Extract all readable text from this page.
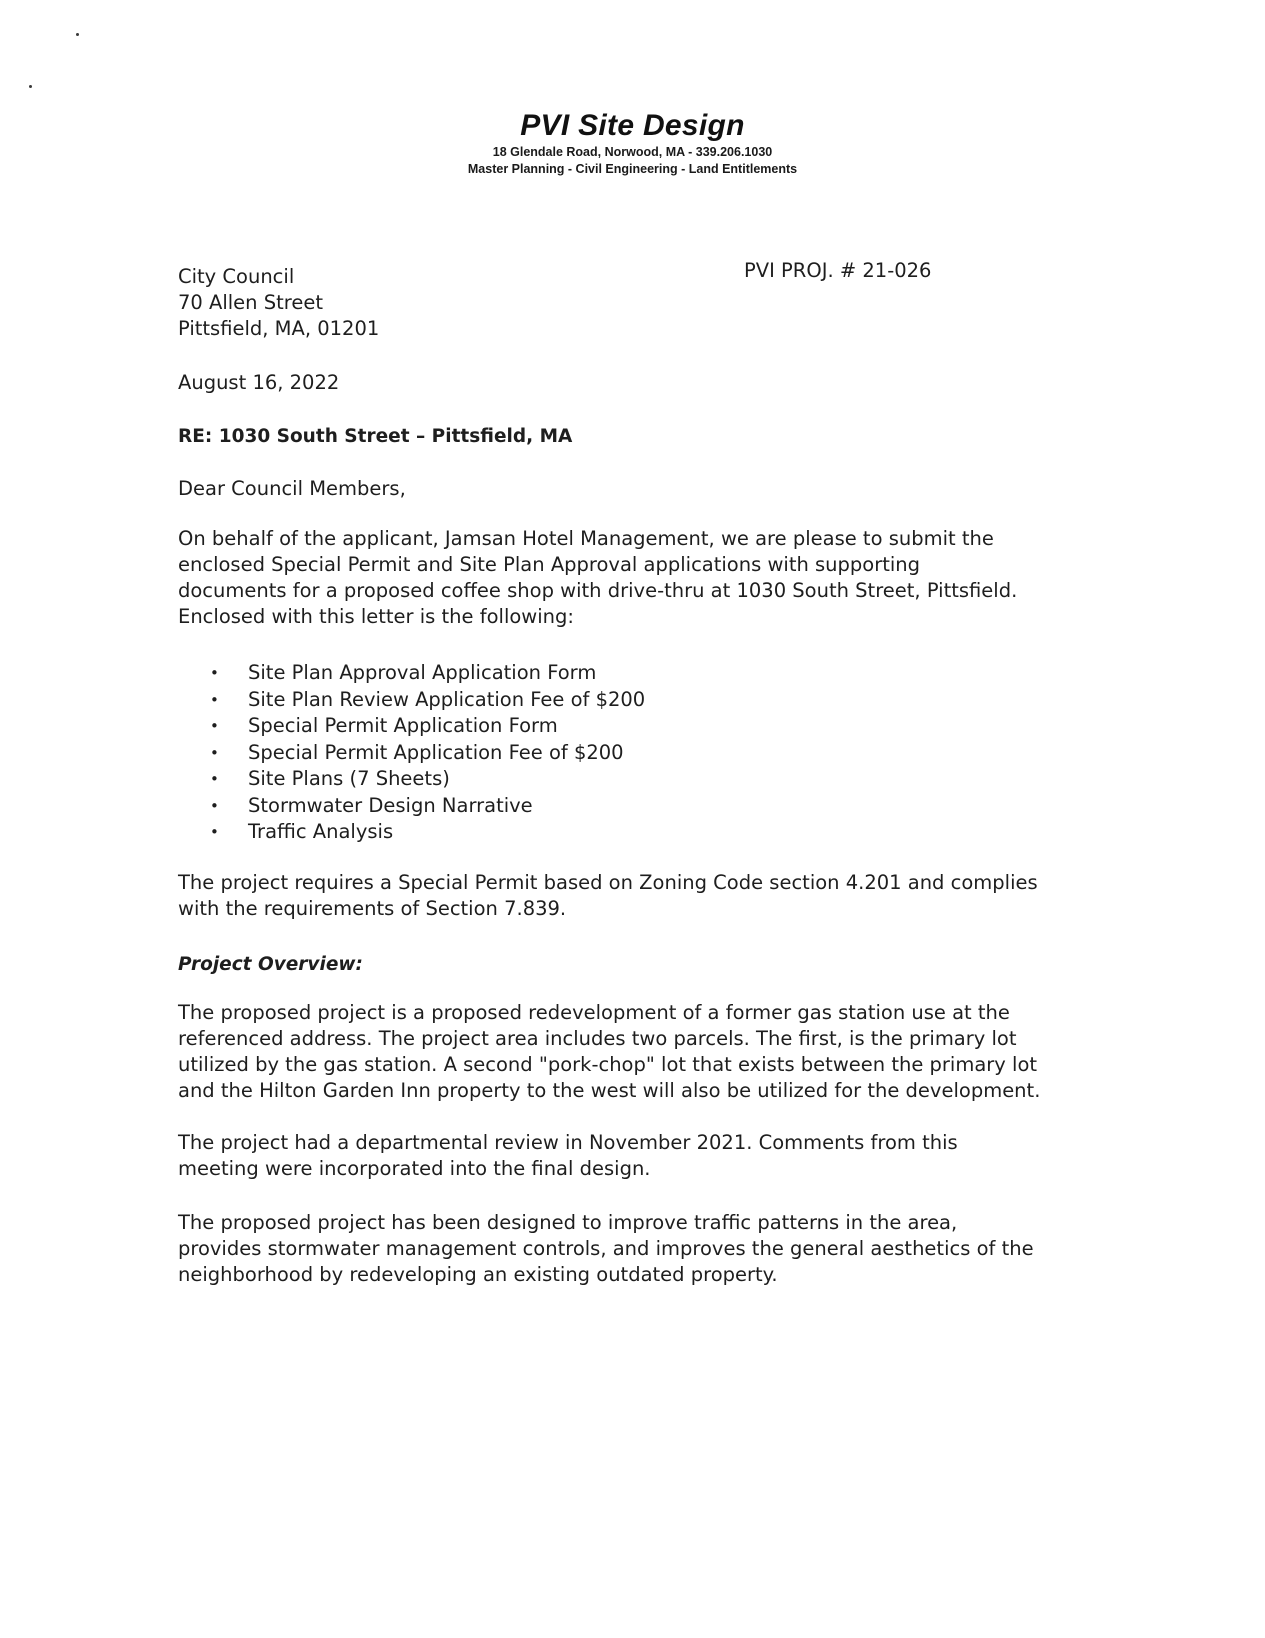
PVI Site Design
18 Glendale Road, Norwood, MA - 339.206.1030
Master Planning - Civil Engineering - Land Entitlements
City Council
70 Allen Street
Pittsfield, MA, 01201
PVI PROJ. # 21-026
August 16, 2022
RE: 1030 South Street – Pittsfield, MA
Dear Council Members,
On behalf of the applicant, Jamsan Hotel Management, we are please to submit the
enclosed Special Permit and Site Plan Approval applications with supporting
documents for a proposed coffee shop with drive-thru at 1030 South Street, Pittsfield.
Enclosed with this letter is the following:
• Site Plan Approval Application Form
• Site Plan Review Application Fee of $200
• Special Permit Application Form
• Special Permit Application Fee of $200
• Site Plans (7 Sheets)
• Stormwater Design Narrative
• Traffic Analysis
The project requires a Special Permit based on Zoning Code section 4.201 and complies
with the requirements of Section 7.839.
Project Overview:
The proposed project is a proposed redevelopment of a former gas station use at the
referenced address. The project area includes two parcels. The first, is the primary lot
utilized by the gas station. A second "pork-chop" lot that exists between the primary lot
and the Hilton Garden Inn property to the west will also be utilized for the development.
The project had a departmental review in November 2021. Comments from this
meeting were incorporated into the final design.
The proposed project has been designed to improve traffic patterns in the area,
provides stormwater management controls, and improves the general aesthetics of the
neighborhood by redeveloping an existing outdated property.
